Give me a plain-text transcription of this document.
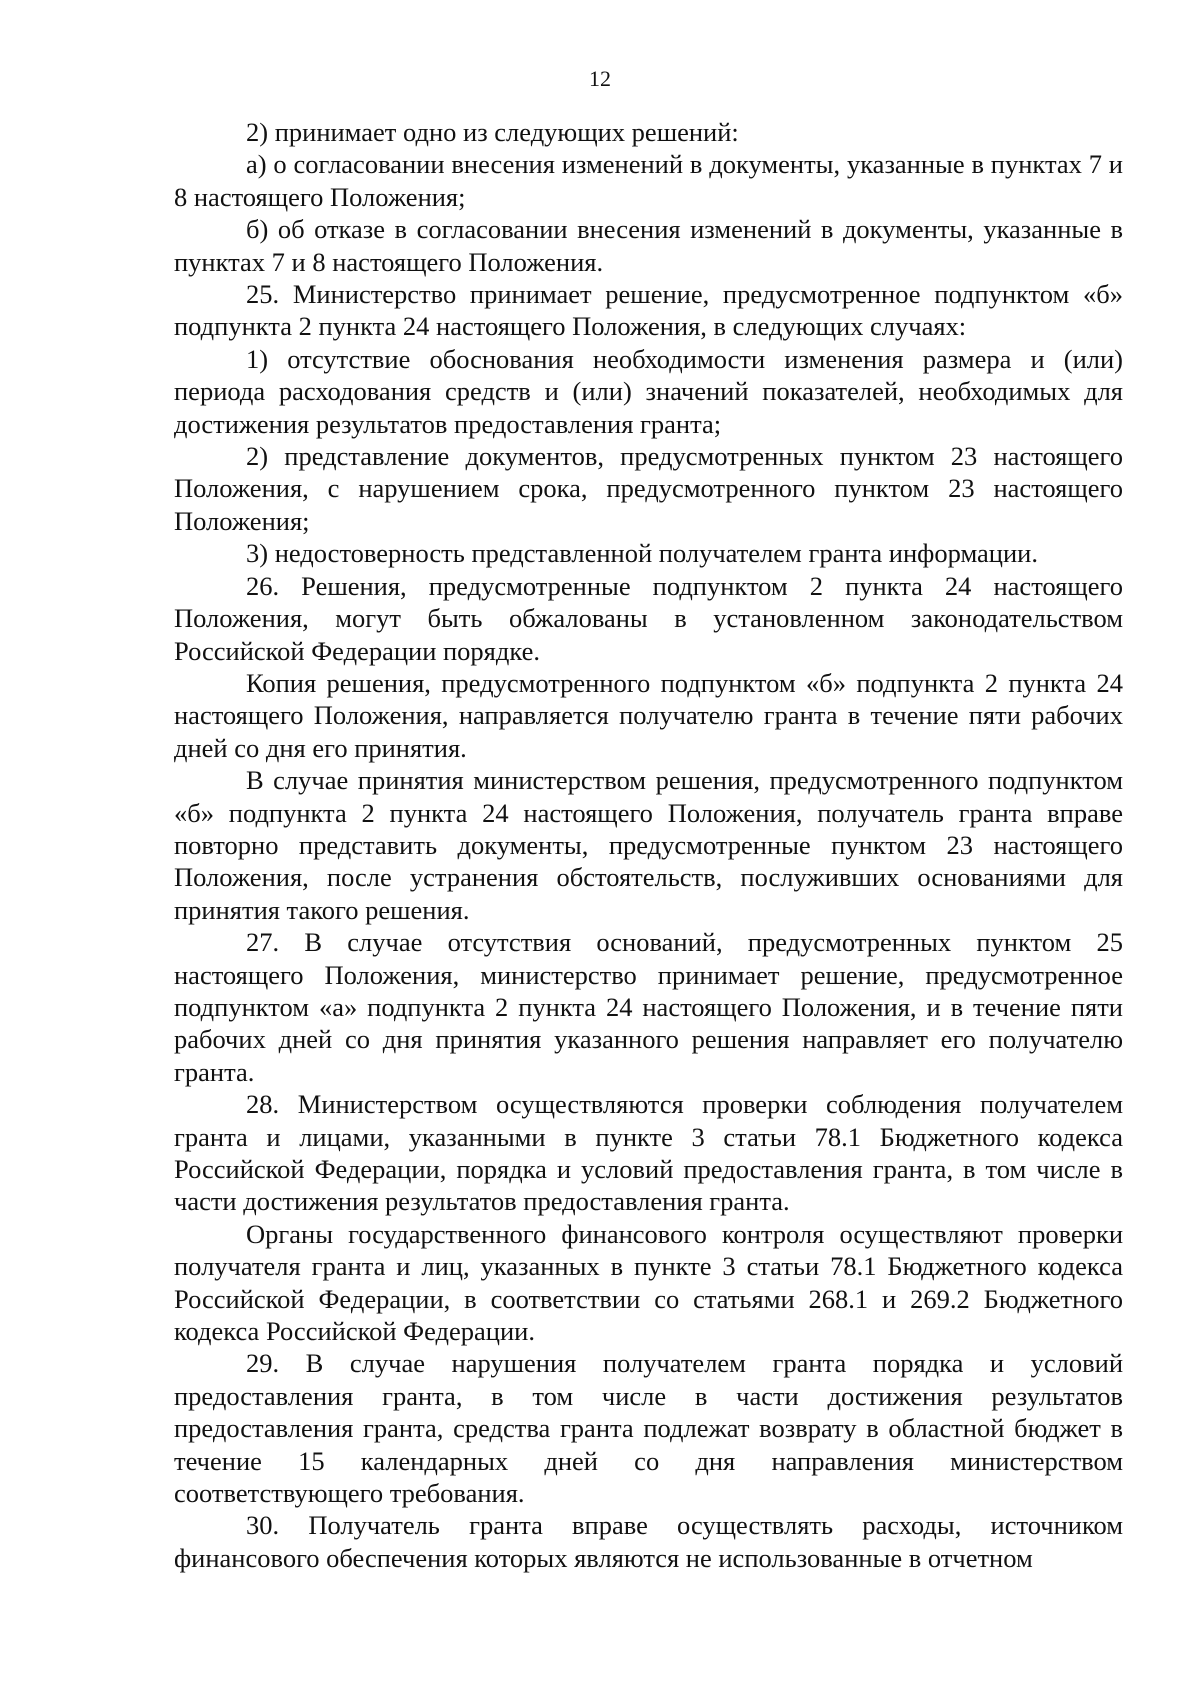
12

2) принимает одно из следующих решений:

а) о согласовании внесения изменений в документы, указанные в пунктах 7 и 8 настоящего Положения;

б) об отказе в согласовании внесения изменений в документы, указанные в пунктах 7 и 8 настоящего Положения.

25. Министерство принимает решение, предусмотренное подпунктом «б» подпункта 2 пункта 24 настоящего Положения, в следующих случаях:

1) отсутствие обоснования необходимости изменения размера и (или) периода расходования средств и (или) значений показателей, необходимых для достижения результатов предоставления гранта;

2) представление документов, предусмотренных пунктом 23 настоящего Положения, с нарушением срока, предусмотренного пунктом 23 настоящего Положения;

3) недостоверность представленной получателем гранта информации.

26. Решения, предусмотренные подпунктом 2 пункта 24 настоящего Положения, могут быть обжалованы в установленном законодательством Российской Федерации порядке.

Копия решения, предусмотренного подпунктом «б» подпункта 2 пункта 24 настоящего Положения, направляется получателю гранта в течение пяти рабочих дней со дня его принятия.

В случае принятия министерством решения, предусмотренного подпунктом «б» подпункта 2 пункта 24 настоящего Положения, получатель гранта вправе повторно представить документы, предусмотренные пунктом 23 настоящего Положения, после устранения обстоятельств, послуживших основаниями для принятия такого решения.

27. В случае отсутствия оснований, предусмотренных пунктом 25 настоящего Положения, министерство принимает решение, предусмотренное подпунктом «а» подпункта 2 пункта 24 настоящего Положения, и в течение пяти рабочих дней со дня принятия указанного решения направляет его получателю гранта.

28. Министерством осуществляются проверки соблюдения получателем гранта и лицами, указанными в пункте 3 статьи 78.1 Бюджетного кодекса Российской Федерации, порядка и условий предоставления гранта, в том числе в части достижения результатов предоставления гранта.

Органы государственного финансового контроля осуществляют проверки получателя гранта и лиц, указанных в пункте 3 статьи 78.1 Бюджетного кодекса Российской Федерации, в соответствии со статьями 268.1 и 269.2 Бюджетного кодекса Российской Федерации.

29. В случае нарушения получателем гранта порядка и условий предоставления гранта, в том числе в части достижения результатов предоставления гранта, средства гранта подлежат возврату в областной бюджет в течение 15 календарных дней со дня направления министерством соответствующего требования.

30. Получатель гранта вправе осуществлять расходы, источником финансового обеспечения которых являются не использованные в отчетном
